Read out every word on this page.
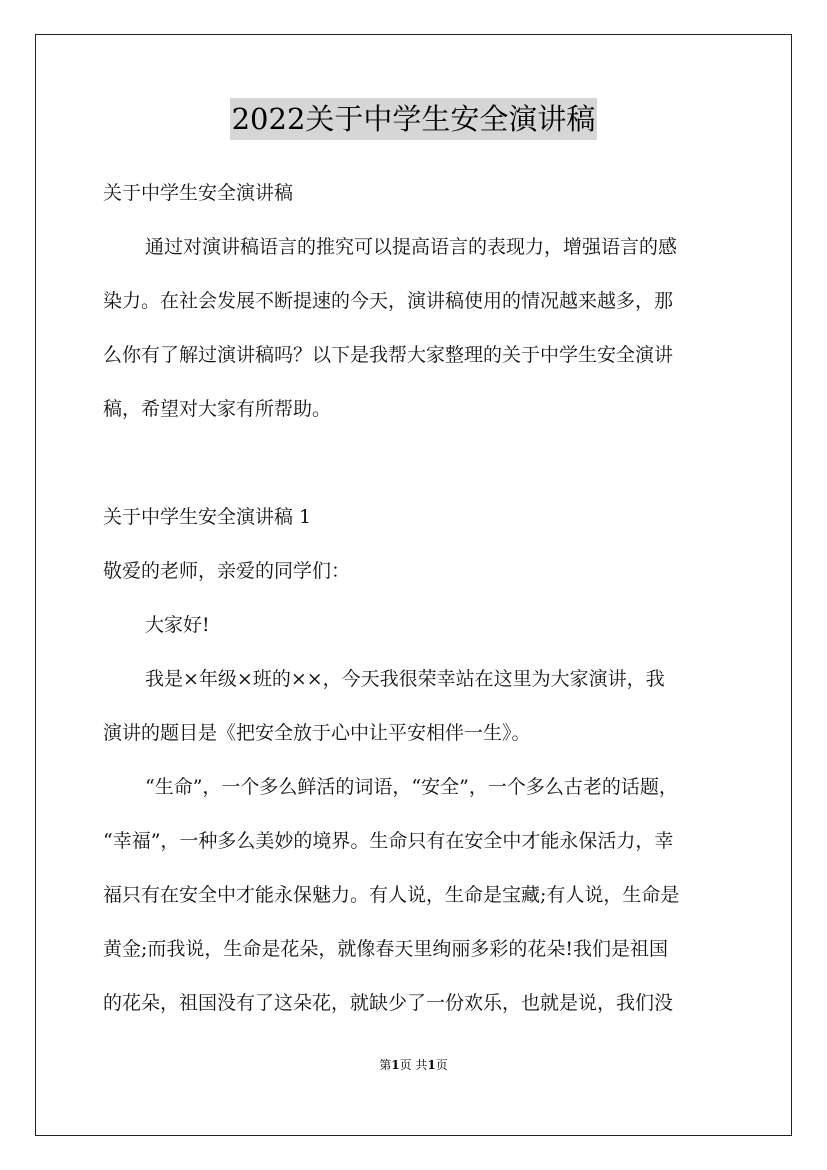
2022关于中学生安全演讲稿
关于中学生安全演讲稿
通过对演讲稿语言的推究可以提高语言的表现力，增强语言的感
染力。在社会发展不断提速的今天，演讲稿使用的情况越来越多，那
么你有了解过演讲稿吗？以下是我帮大家整理的关于中学生安全演讲
稿，希望对大家有所帮助。
关于中学生安全演讲稿 1
敬爱的老师，亲爱的同学们：
大家好!
我是×年级×班的××，今天我很荣幸站在这里为大家演讲，我
演讲的题目是《把安全放于心中让平安相伴一生》。
“生命”，一个多么鲜活的词语，“安全”，一个多么古老的话题，
“幸福”，一种多么美妙的境界。生命只有在安全中才能永保活力，幸
福只有在安全中才能永保魅力。有人说，生命是宝藏;有人说，生命是
黄金;而我说，生命是花朵，就像春天里绚丽多彩的花朵!我们是祖国
的花朵，祖国没有了这朵花，就缺少了一份欢乐，也就是说，我们没
第1页 共1页
